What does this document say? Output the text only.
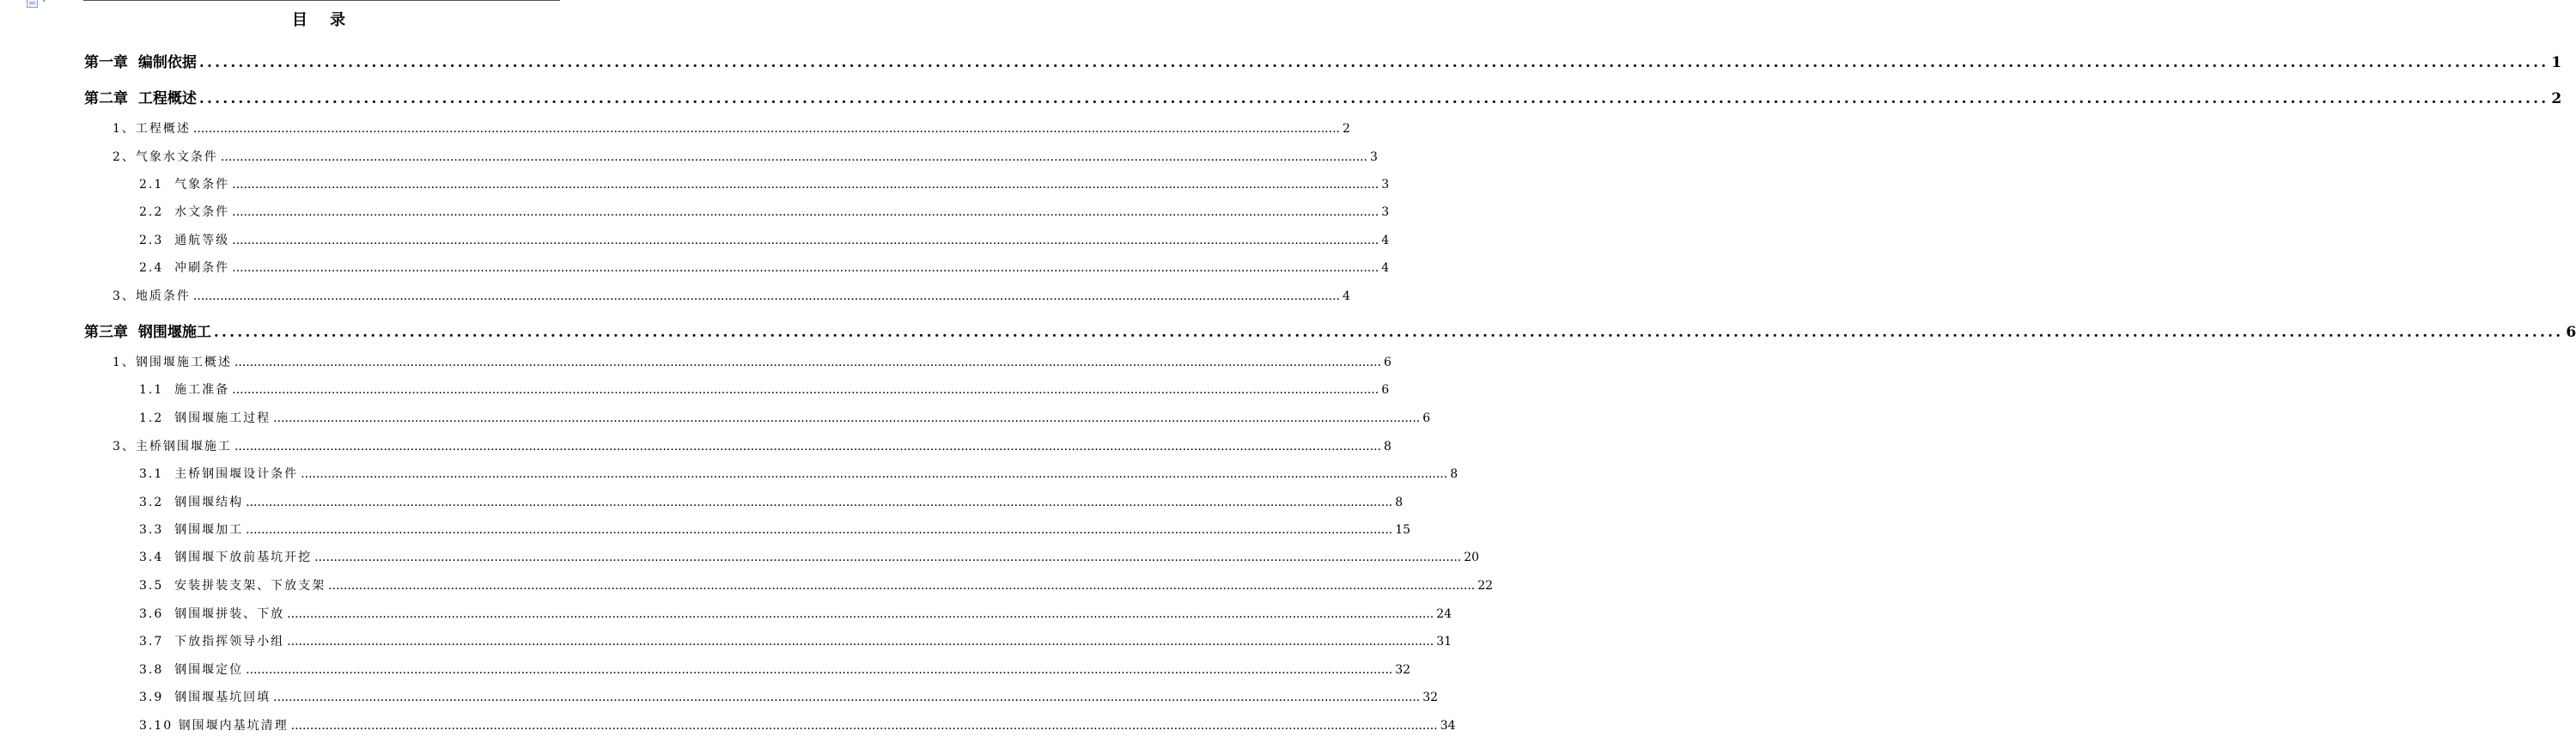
目 录
第一章  编制依据 ............................................................................................................................................................................................................................................................................................................ 1
第二章  工程概述 ............................................................................................................................................................................................................................................................................................................ 2
1、工程概述 ............................................................................................................................................................................................................................................................................................................ 2
2、气象水文条件 ............................................................................................................................................................................................................................................................................................................ 3
2.1  气象条件 ............................................................................................................................................................................................................................................................................................................ 3
2.2  水文条件 ............................................................................................................................................................................................................................................................................................................ 3
2.3  通航等级 ............................................................................................................................................................................................................................................................................................................ 4
2.4  冲刷条件 ............................................................................................................................................................................................................................................................................................................ 4
3、地质条件 ............................................................................................................................................................................................................................................................................................................ 4
第三章  钢围堰施工 ............................................................................................................................................................................................................................................................................................................ 6
1、钢围堰施工概述 ............................................................................................................................................................................................................................................................................................................ 6
1.1  施工准备 ............................................................................................................................................................................................................................................................................................................ 6
1.2  钢围堰施工过程 ............................................................................................................................................................................................................................................................................................................ 6
3、主桥钢围堰施工 ............................................................................................................................................................................................................................................................................................................ 8
3.1  主桥钢围堰设计条件 ............................................................................................................................................................................................................................................................................................................ 8
3.2  钢围堰结构 ............................................................................................................................................................................................................................................................................................................ 8
3.3  钢围堰加工 ............................................................................................................................................................................................................................................................................................................ 15
3.4  钢围堰下放前基坑开挖 ............................................................................................................................................................................................................................................................................................................ 20
3.5  安装拼装支架、下放支架 ............................................................................................................................................................................................................................................................................................................ 22
3.6  钢围堰拼装、下放 ............................................................................................................................................................................................................................................................................................................ 24
3.7  下放指挥领导小组 ............................................................................................................................................................................................................................................................................................................ 31
3.8  钢围堰定位 ............................................................................................................................................................................................................................................................................................................ 32
3.9  钢围堰基坑回填 ............................................................................................................................................................................................................................................................................................................ 32
3.10 钢围堰内基坑清理 ............................................................................................................................................................................................................................................................................................................ 34
